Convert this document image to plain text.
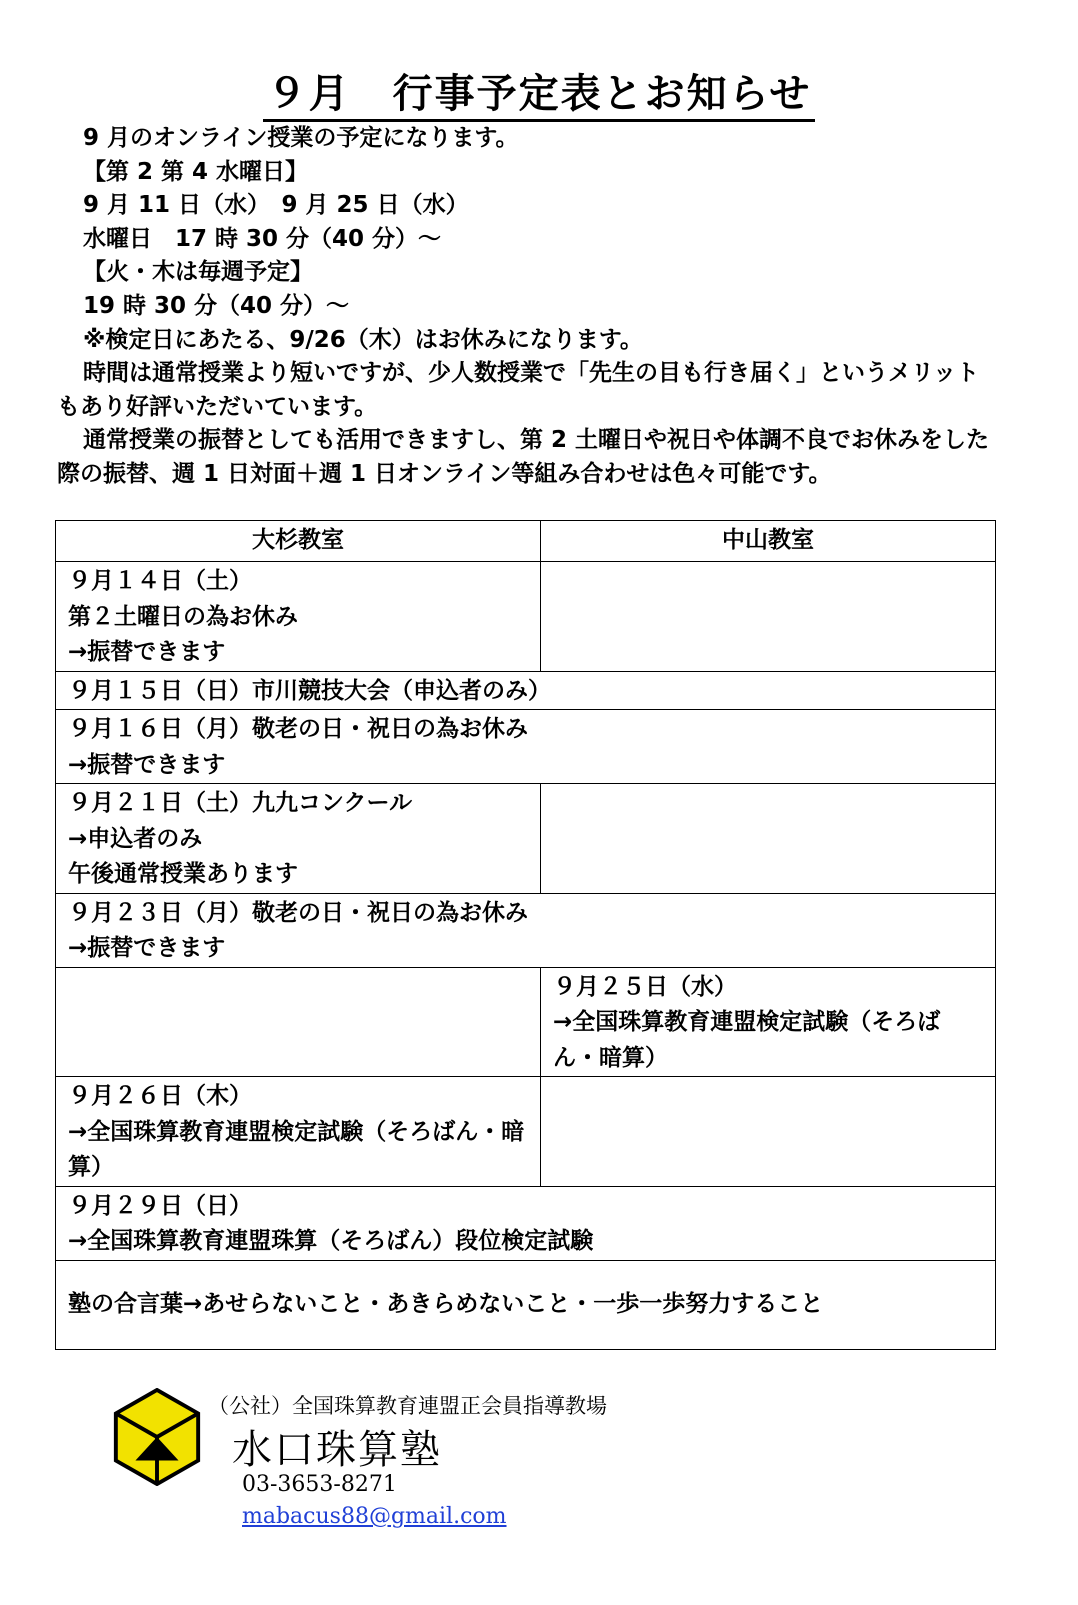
９月　行事予定表とお知らせ
9 月のオンライン授業の予定になります。
【第 2 第 4 水曜日】
9 月 11 日（水）　9 月 25 日（水）
水曜日　17 時 30 分（40 分）～
【火・木は毎週予定】
19 時 30 分（40 分）～
※検定日にあたる、9/26（木）はお休みになります。
時間は通常授業より短いですが、少人数授業で「先生の目も行き届く」というメリットもあり好評いただいています。
通常授業の振替としても活用できますし、第 2 土曜日や祝日や体調不良でお休みをした際の振替、週 1 日対面＋週 1 日オンライン等組み合わせは色々可能です。
大杉教室	中山教室

９月１４日（土）
第２土曜日の為お休み
→振替できます	

９月１５日（日）市川競技大会（申込者のみ）	

９月１６日（月）敬老の日・祝日の為お休み
→振替できます	

９月２１日（土）九九コンクール
→申込者のみ
午後通常授業あります	

９月２３日（月）敬老の日・祝日の為お休み
→振替できます	

	９月２５日（水）
→全国珠算教育連盟検定試験（そろばん・暗算）

９月２６日（木）
→全国珠算教育連盟検定試験（そろばん・暗算）	

９月２９日（日）
→全国珠算教育連盟珠算（そろばん）段位検定試験	

塾の合言葉→あせらないこと・あきらめないこと・一歩一歩努力すること	
（公社）全国珠算教育連盟正会員指導教場
水口珠算塾
03-3653-8271
mabacus88@gmail.com
